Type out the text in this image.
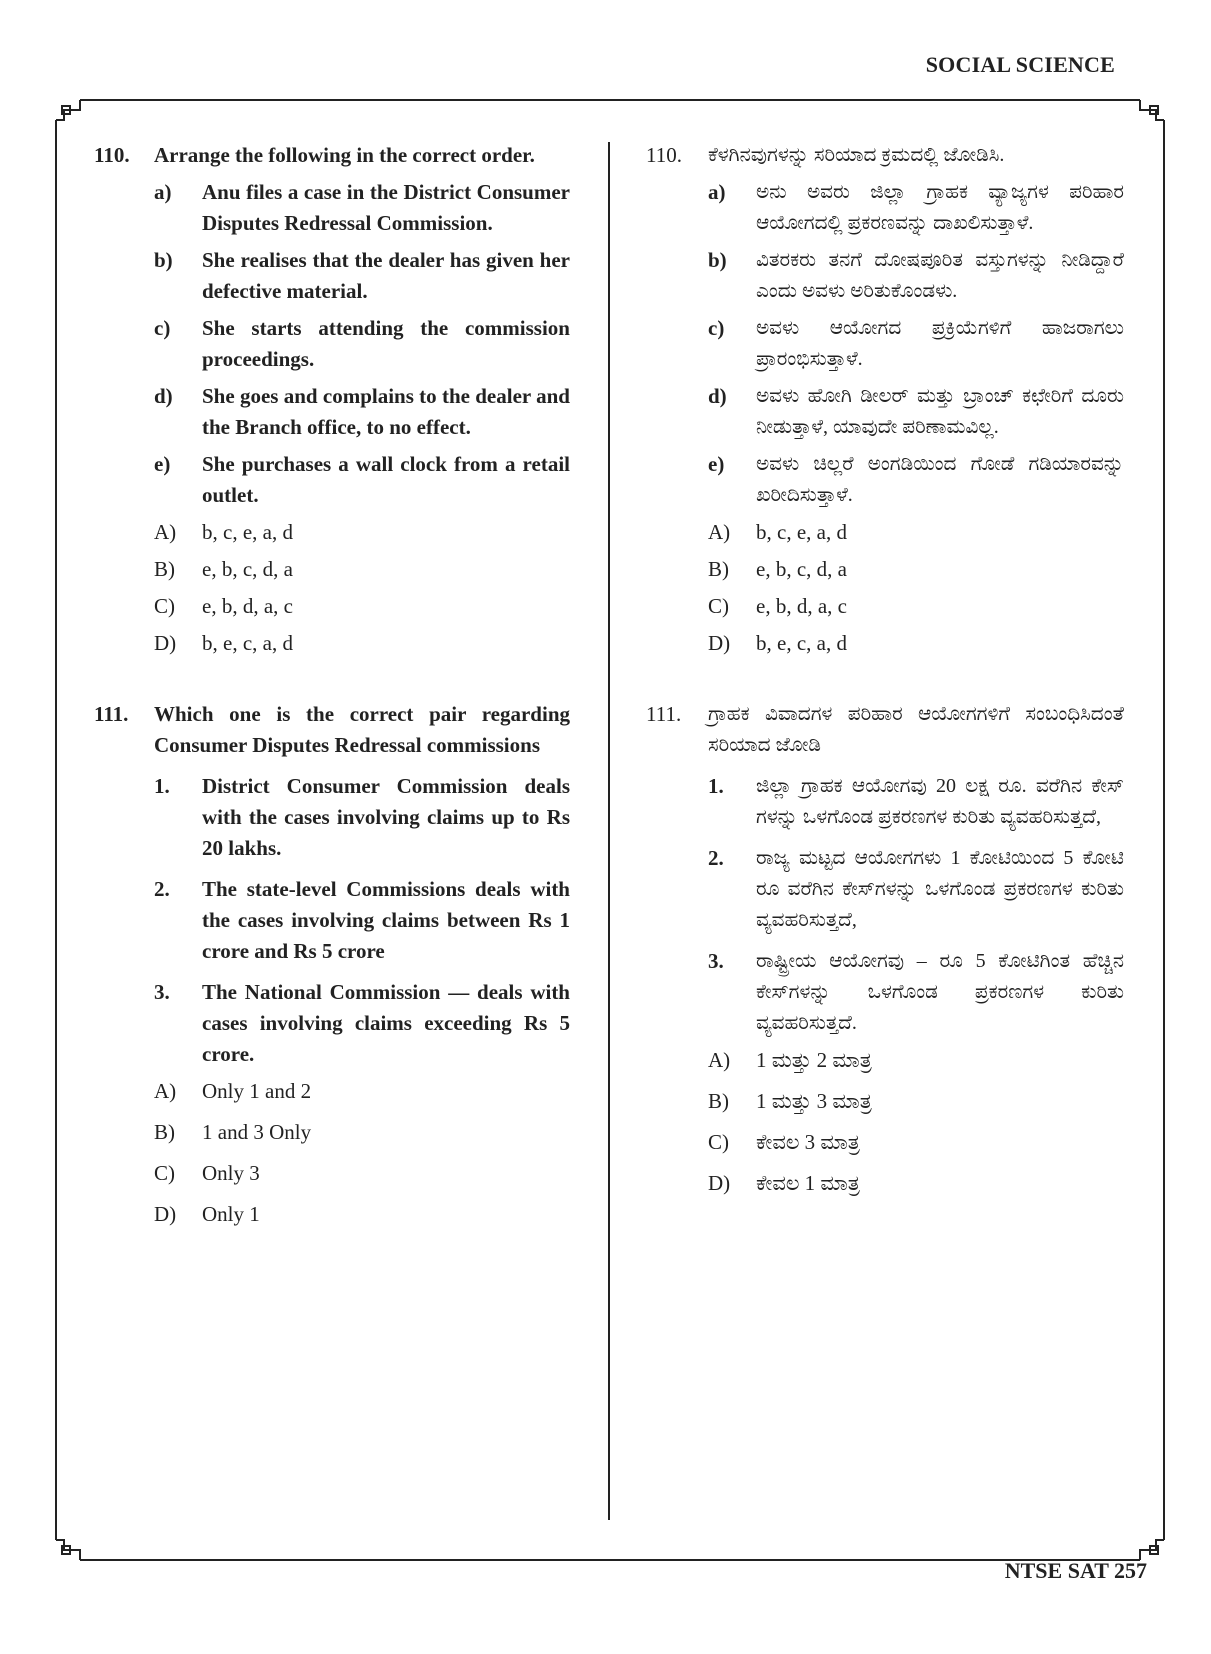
SOCIAL SCIENCE
110.	Arrange the following in the correct order.
a)	Anu files a case in the District Consumer Disputes Redressal Commission.
b)	She realises that the dealer has given her defective material.
c)	She starts attending the commission proceedings.
d)	She goes and complains to the dealer and the Branch office, to no effect.
e)	She purchases a wall clock from a retail outlet.
A)	b, c, e, a, d
B)	e, b, c, d, a
C)	e, b, d, a, c
D)	b, e, c, a, d
111.	Which one is the correct pair regarding Consumer Disputes Redressal commissions
1.	District Consumer Commission deals with the cases involving claims up to Rs 20 lakhs.
2.	The state-level Commissions deals with the cases involving claims between Rs 1 crore and Rs 5 crore
3.	The National Commission — deals with cases involving claims exceeding Rs 5 crore.
A)	Only 1 and 2
B)	1 and 3 Only
C)	Only 3
D)	Only 1
110.	ಕೆಳಗಿನವುಗಳನ್ನು ಸರಿಯಾದ ಕ್ರಮದಲ್ಲಿ ಜೋಡಿಸಿ.
a)	ಅನು ಅವರು ಜಿಲ್ಲಾ ಗ್ರಾಹಕ ವ್ಯಾಜ್ಯಗಳ ಪರಿಹಾರ ಆಯೋಗದಲ್ಲಿ ಪ್ರಕರಣವನ್ನು ದಾಖಲಿಸುತ್ತಾಳೆ.
b)	ವಿತರಕರು ತನಗೆ ದೋಷಪೂರಿತ ವಸ್ತುಗಳನ್ನು ನೀಡಿದ್ದಾರೆ ಎಂದು ಅವಳು ಅರಿತುಕೊಂಡಳು.
c)	ಅವಳು ಆಯೋಗದ ಪ್ರಕ್ರಿಯೆಗಳಿಗೆ ಹಾಜರಾಗಲು ಪ್ರಾರಂಭಿಸುತ್ತಾಳೆ.
d)	ಅವಳು ಹೋಗಿ ಡೀಲರ್ ಮತ್ತು ಬ್ರಾಂಚ್ ಕಛೇರಿಗೆ ದೂರು ನೀಡುತ್ತಾಳೆ, ಯಾವುದೇ ಪರಿಣಾಮವಿಲ್ಲ.
e)	ಅವಳು ಚಿಲ್ಲರೆ ಅಂಗಡಿಯಿಂದ ಗೋಡೆ ಗಡಿಯಾರವನ್ನು ಖರೀದಿಸುತ್ತಾಳೆ.
A)	b, c, e, a, d
B)	e, b, c, d, a
C)	e, b, d, a, c
D)	b, e, c, a, d
111.	ಗ್ರಾಹಕ ವಿವಾದಗಳ ಪರಿಹಾರ ಆಯೋಗಗಳಿಗೆ ಸಂಬಂಧಿಸಿದಂತೆ ಸರಿಯಾದ ಜೋಡಿ
1.	ಜಿಲ್ಲಾ ಗ್ರಾಹಕ ಆಯೋಗವು 20 ಲಕ್ಷ ರೂ. ವರೆಗಿನ ಕೇಸ್ ಗಳನ್ನು ಒಳಗೊಂಡ ಪ್ರಕರಣಗಳ ಕುರಿತು ವ್ಯವಹರಿಸುತ್ತದೆ,
2.	ರಾಜ್ಯ ಮಟ್ಟದ ಆಯೋಗಗಳು 1 ಕೋಟಿಯಿಂದ 5 ಕೋಟಿ ರೂ ವರೆಗಿನ ಕೇಸ್‌ಗಳನ್ನು ಒಳಗೊಂಡ ಪ್ರಕರಣಗಳ ಕುರಿತು ವ್ಯವಹರಿಸುತ್ತದೆ,
3.	ರಾಷ್ಟ್ರೀಯ ಆಯೋಗವು – ರೂ 5 ಕೋಟಿಗಿಂತ ಹೆಚ್ಚಿನ ಕೇಸ್‌ಗಳನ್ನು ಒಳಗೊಂಡ ಪ್ರಕರಣಗಳ ಕುರಿತು ವ್ಯವಹರಿಸುತ್ತದೆ.
A)	1 ಮತ್ತು 2 ಮಾತ್ರ
B)	1 ಮತ್ತು 3 ಮಾತ್ರ
C)	ಕೇವಲ 3 ಮಾತ್ರ
D)	ಕೇವಲ 1 ಮಾತ್ರ
NTSE SAT 257
